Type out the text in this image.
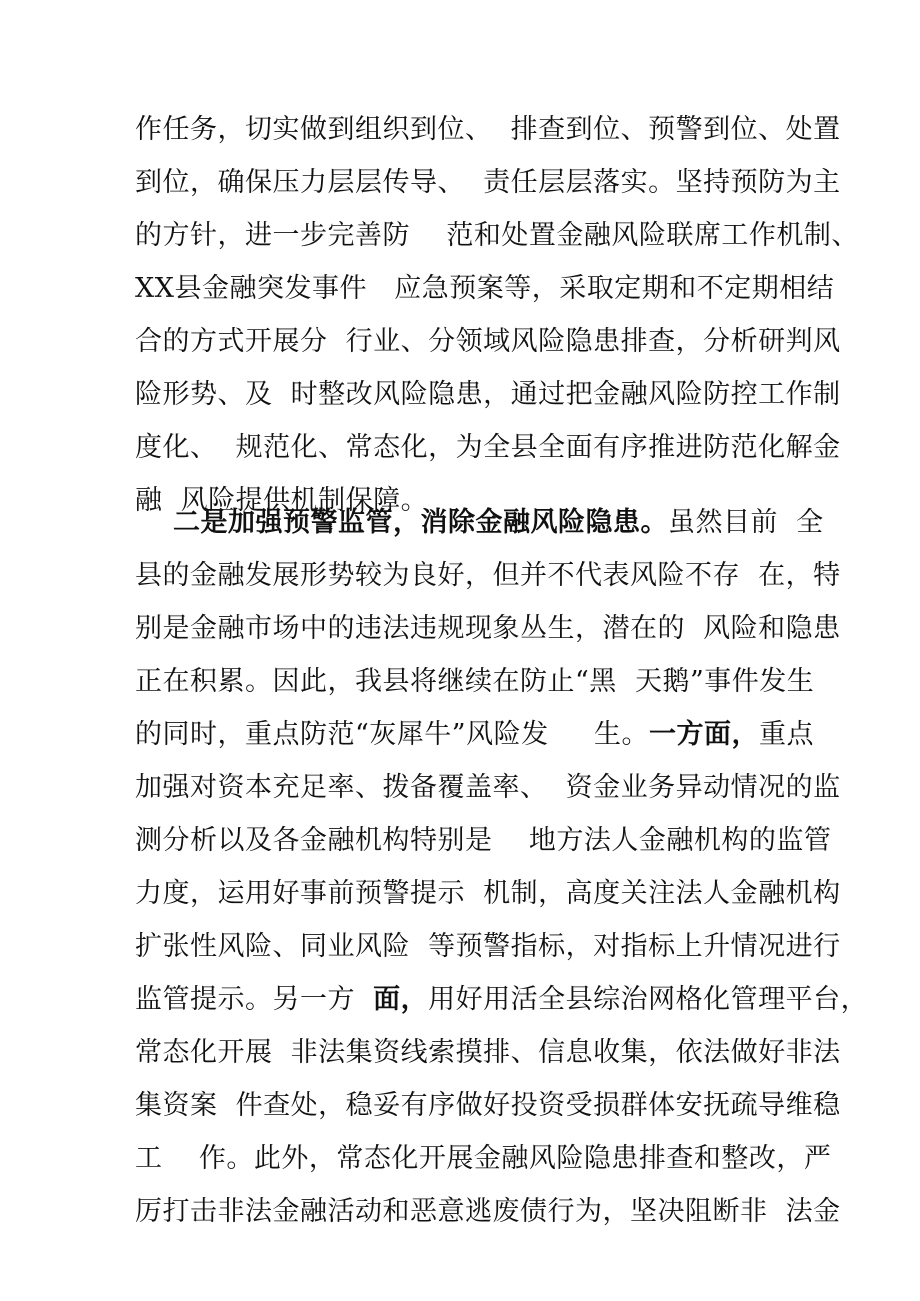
作任务，切实做到组织到位、  排查到位、预警到位、处置
到位，确保压力层层传导、  责任层层落实。坚持预防为主
的方针，进一步完善防    范和处置金融风险联席工作机制、
XX县金融突发事件   应急预案等，采取定期和不定期相结
合的方式开展分  行业、分领域风险隐患排查，分析研判风
险形势、及  时整改风险隐患，通过把金融风险防控工作制
度化、  规范化、常态化，为全县全面有序推进防范化解金
融  风险提供机制保障。
二是加强预警监管，消除金融风险隐患。虽然目前  全
县的金融发展形势较为良好，但并不代表风险不存  在，特
别是金融市场中的违法违规现象丛生，潜在的  风险和隐患
正在积累。因此，我县将继续在防止“黑  天鹅”事件发生
的同时，重点防范“灰犀牛”风险发     生。一方面，重点
加强对资本充足率、拨备覆盖率、  资金业务异动情况的监
测分析以及各金融机构特别是    地方法人金融机构的监管
力度，运用好事前预警提示  机制，高度关注法人金融机构
扩张性风险、同业风险  等预警指标，对指标上升情况进行
监管提示。另一方  面，用好用活全县综治网格化管理平台，
常态化开展  非法集资线索摸排、信息收集，依法做好非法
集资案  件查处，稳妥有序做好投资受损群体安抚疏导维稳
工    作。此外，常态化开展金融风险隐患排查和整改，严
厉打击非法金融活动和恶意逃废债行为，坚决阻断非  法金
